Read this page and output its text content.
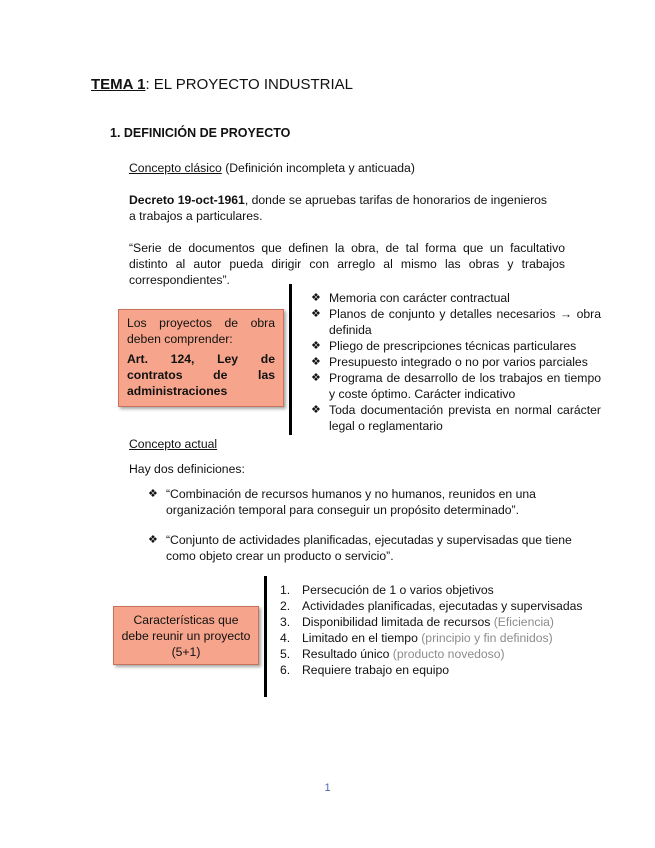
TEMA 1: EL PROYECTO INDUSTRIAL
1. DEFINICIÓN DE PROYECTO
Concepto clásico (Definición incompleta y anticuada)
Decreto 19-oct-1961, donde se apruebas tarifas de honorarios de ingenieros a trabajos a particulares.
“Serie de documentos que definen la obra, de tal forma que un facultativo distinto al autor pueda dirigir con arreglo al mismo las obras y trabajos correspondientes”.
Los proyectos de obra deben comprender:
Art. 124, Ley de contratos de las administraciones
❖ Memoria con carácter contractual
❖ Planos de conjunto y detalles necesarios → obra definida
❖ Pliego de prescripciones técnicas particulares
❖ Presupuesto integrado o no por varios parciales
❖ Programa de desarrollo de los trabajos en tiempo y coste óptimo. Carácter indicativo
❖ Toda documentación prevista en normal carácter legal o reglamentario
Concepto actual
Hay dos definiciones:
❖ “Combinación de recursos humanos y no humanos, reunidos en una organización temporal para conseguir un propósito determinado”.
❖ “Conjunto de actividades planificadas, ejecutadas y supervisadas que tiene como objeto crear un producto o servicio”.
Características que debe reunir un proyecto (5+1)
1. Persecución de 1 o varios objetivos
2. Actividades planificadas, ejecutadas y supervisadas
3. Disponibilidad limitada de recursos (Eficiencia)
4. Limitado en el tiempo (principio y fin definidos)
5. Resultado único (producto novedoso)
6. Requiere trabajo en equipo
1
